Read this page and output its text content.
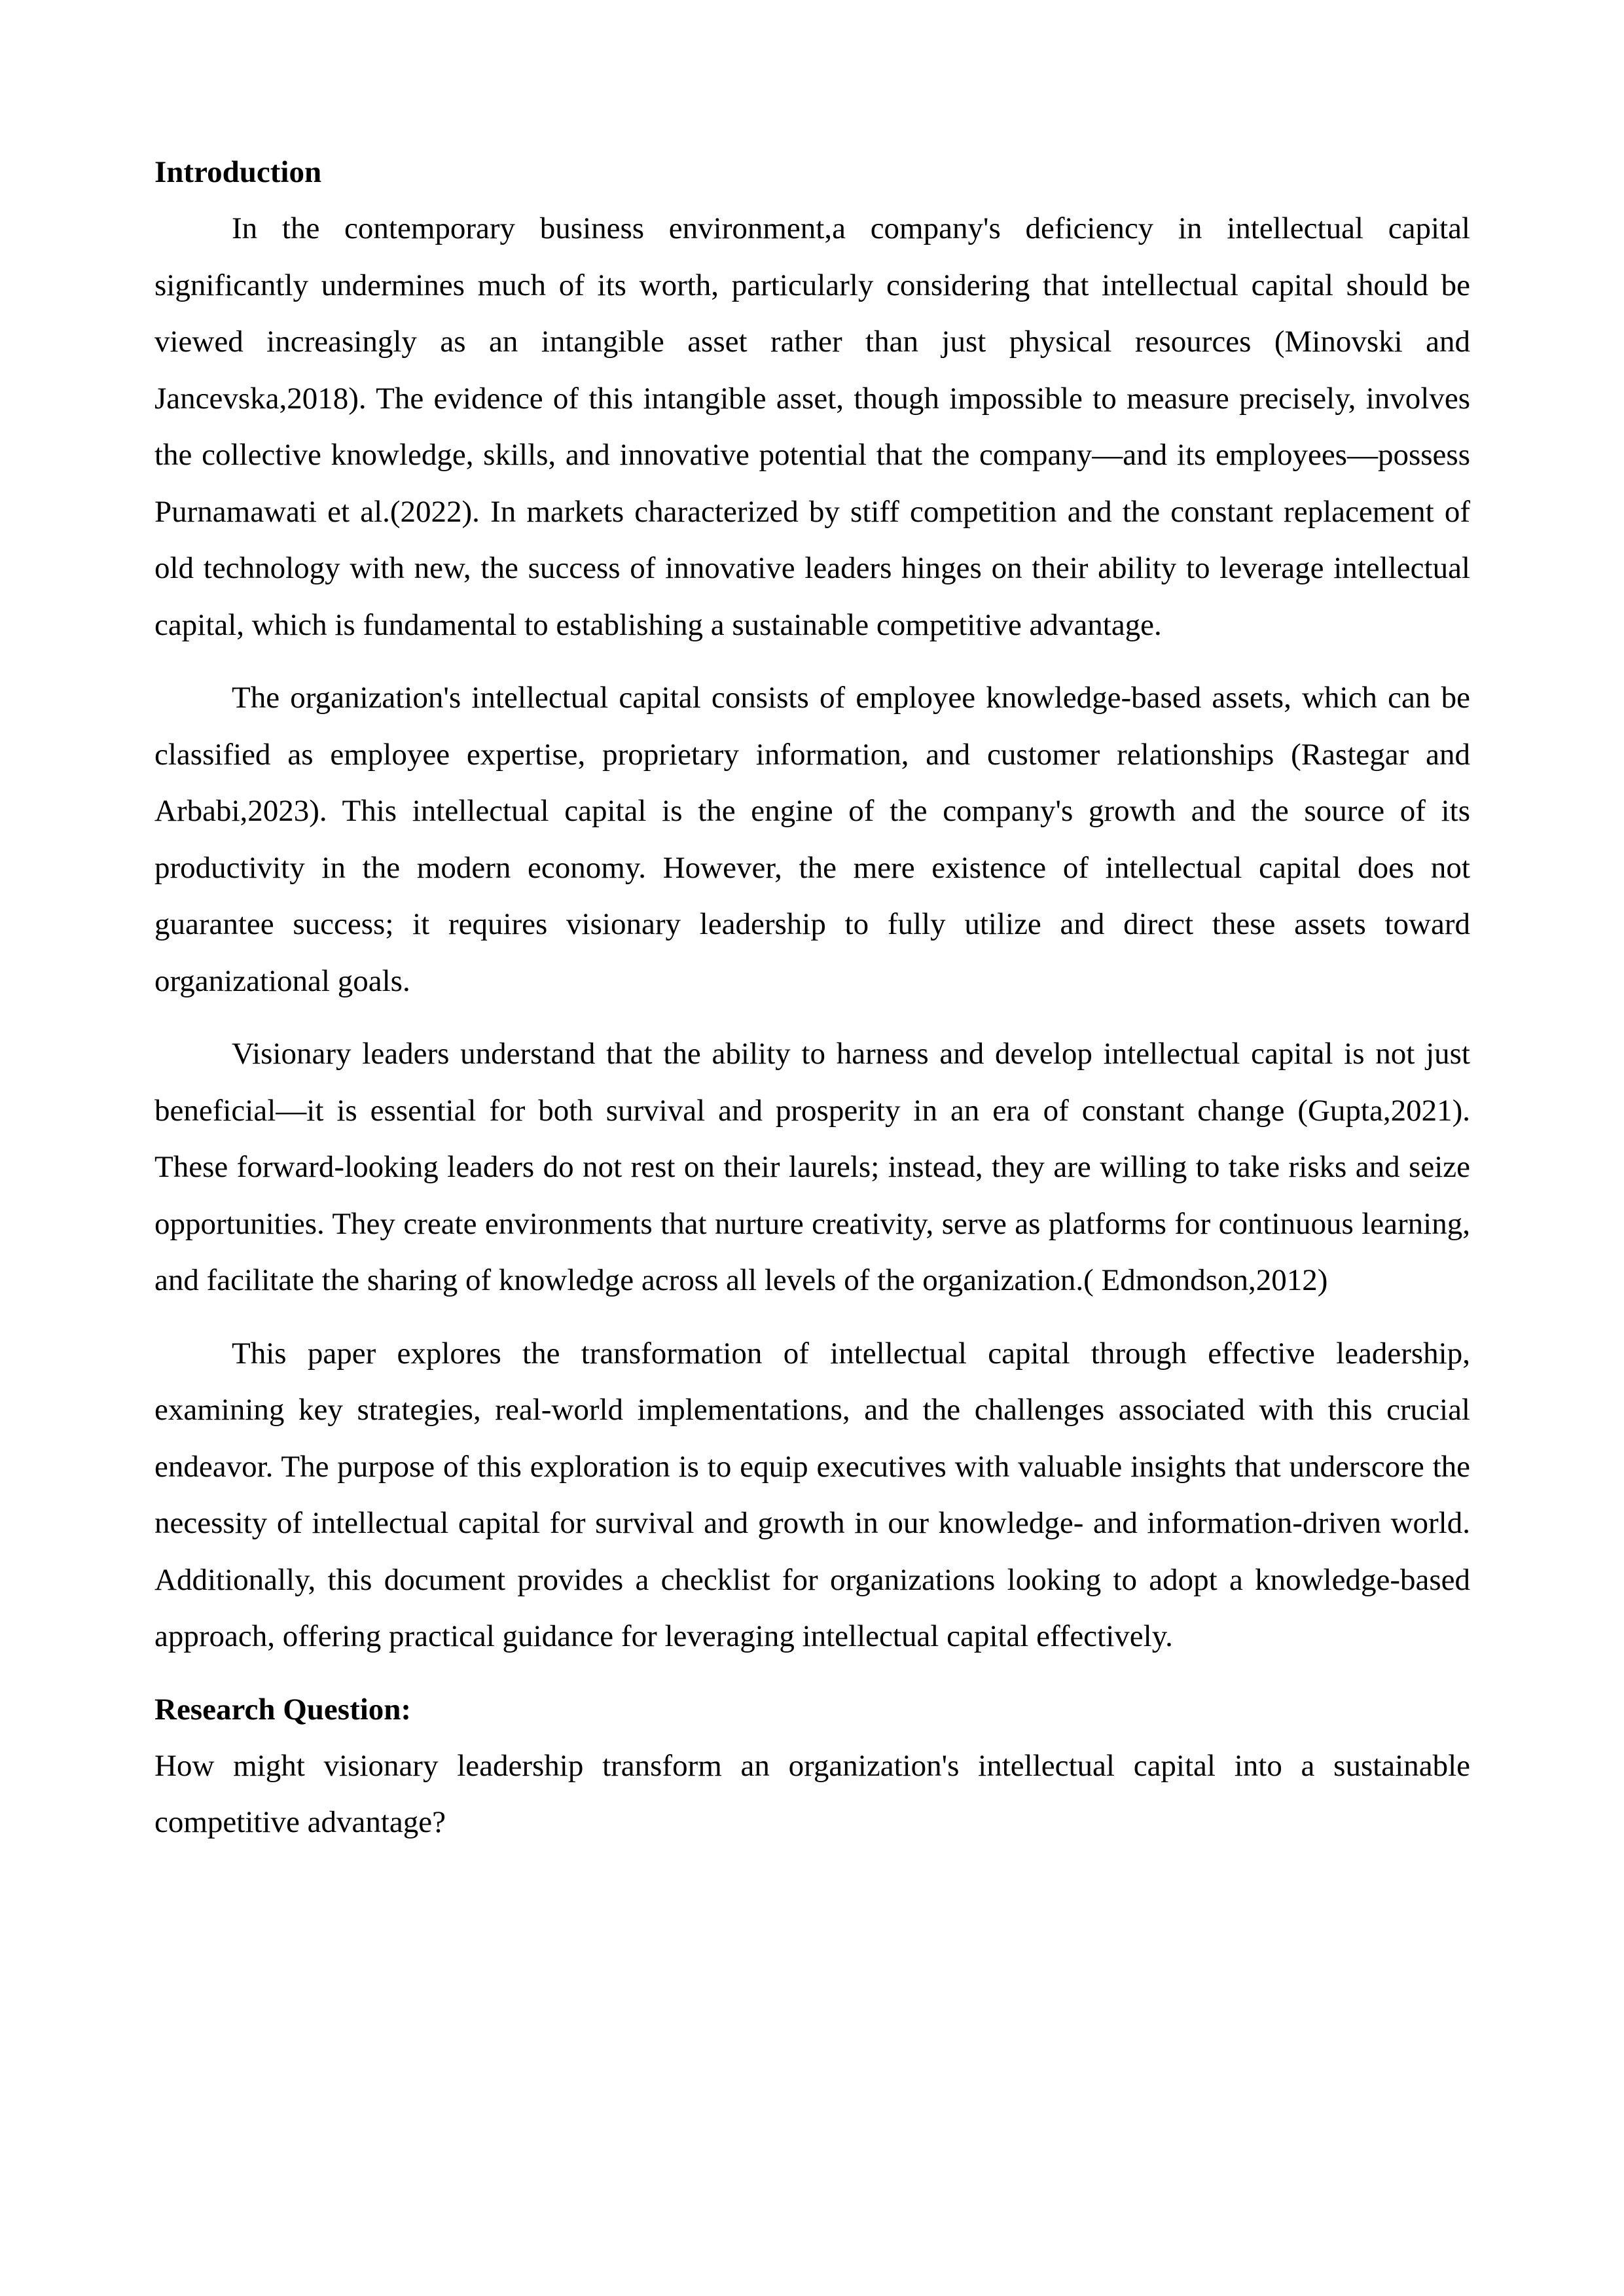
Introduction

In the contemporary business environment,a company's deficiency in intellectual capital significantly undermines much of its worth, particularly considering that intellectual capital should be viewed increasingly as an intangible asset rather than just physical resources (Minovski and Jancevska,2018). The evidence of this intangible asset, though impossible to measure precisely, involves the collective knowledge, skills, and innovative potential that the company—and its employees—possess Purnamawati et al.(2022). In markets characterized by stiff competition and the constant replacement of old technology with new, the success of innovative leaders hinges on their ability to leverage intellectual capital, which is fundamental to establishing a sustainable competitive advantage.

The organization's intellectual capital consists of employee knowledge-based assets, which can be classified as employee expertise, proprietary information, and customer relationships (Rastegar and Arbabi,2023). This intellectual capital is the engine of the company's growth and the source of its productivity in the modern economy. However, the mere existence of intellectual capital does not guarantee success; it requires visionary leadership to fully utilize and direct these assets toward organizational goals.

Visionary leaders understand that the ability to harness and develop intellectual capital is not just beneficial—it is essential for both survival and prosperity in an era of constant change (Gupta,2021). These forward-looking leaders do not rest on their laurels; instead, they are willing to take risks and seize opportunities. They create environments that nurture creativity, serve as platforms for continuous learning, and facilitate the sharing of knowledge across all levels of the organization.( Edmondson,2012)

This paper explores the transformation of intellectual capital through effective leadership, examining key strategies, real-world implementations, and the challenges associated with this crucial endeavor. The purpose of this exploration is to equip executives with valuable insights that underscore the necessity of intellectual capital for survival and growth in our knowledge- and information-driven world. Additionally, this document provides a checklist for organizations looking to adopt a knowledge-based approach, offering practical guidance for leveraging intellectual capital effectively.

Research Question:

How might visionary leadership transform an organization's intellectual capital into a sustainable competitive advantage?
